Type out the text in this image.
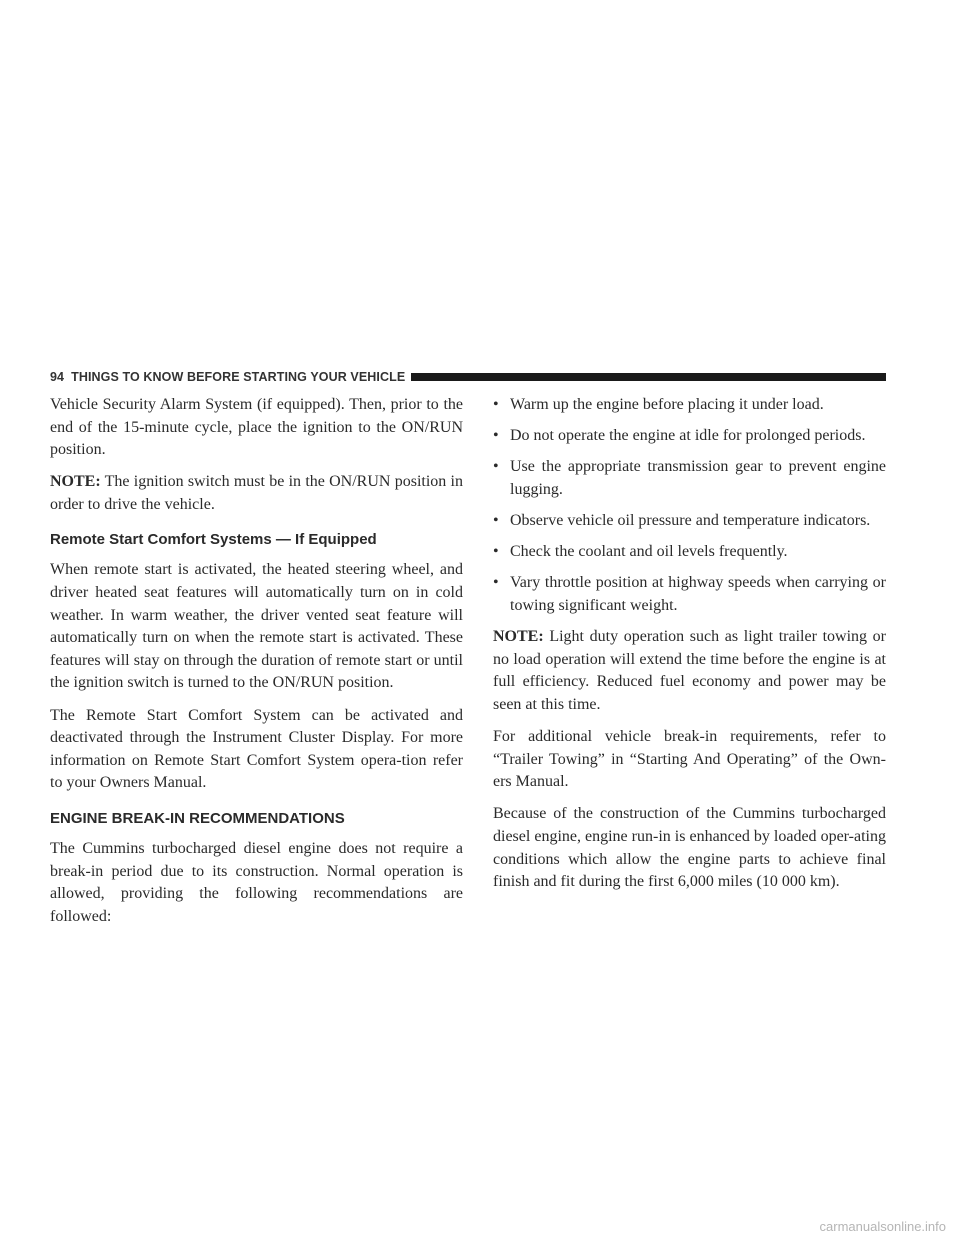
94 THINGS TO KNOW BEFORE STARTING YOUR VEHICLE

Vehicle Security Alarm System (if equipped). Then, prior to the end of the 15-minute cycle, place the ignition to the ON/RUN position.

NOTE: The ignition switch must be in the ON/RUN position in order to drive the vehicle.

Remote Start Comfort Systems — If Equipped

When remote start is activated, the heated steering wheel, and driver heated seat features will automatically turn on in cold weather. In warm weather, the driver vented seat feature will automatically turn on when the remote start is activated. These features will stay on through the duration of remote start or until the ignition switch is turned to the ON/RUN position.

The Remote Start Comfort System can be activated and deactivated through the Instrument Cluster Display. For more information on Remote Start Comfort System opera-tion refer to your Owners Manual.

ENGINE BREAK-IN RECOMMENDATIONS

The Cummins turbocharged diesel engine does not require a break-in period due to its construction. Normal operation is allowed, providing the following recommendations are followed:

• Warm up the engine before placing it under load.
• Do not operate the engine at idle for prolonged periods.
• Use the appropriate transmission gear to prevent engine lugging.
• Observe vehicle oil pressure and temperature indicators.
• Check the coolant and oil levels frequently.
• Vary throttle position at highway speeds when carrying or towing significant weight.

NOTE: Light duty operation such as light trailer towing or no load operation will extend the time before the engine is at full efficiency. Reduced fuel economy and power may be seen at this time.

For additional vehicle break-in requirements, refer to “Trailer Towing” in “Starting And Operating” of the Own-ers Manual.

Because of the construction of the Cummins turbocharged diesel engine, engine run-in is enhanced by loaded oper-ating conditions which allow the engine parts to achieve final finish and fit during the first 6,000 miles (10 000 km).

carmanualsonline.info
